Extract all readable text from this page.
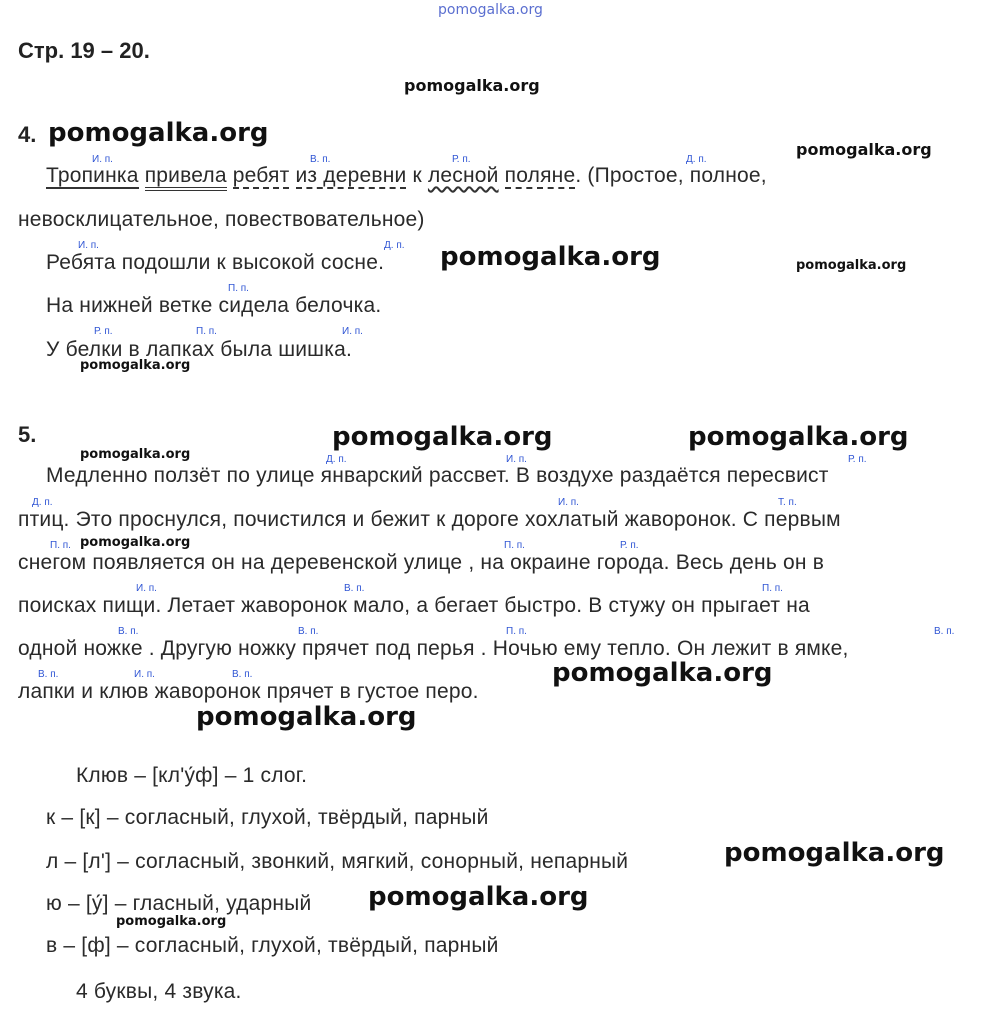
pomogalka.org
pomogalka.org
pomogalka.org
pomogalka.org
pomogalka.org	pomogalka.org
pomogalka.org
pomogalka.org
pomogalka.org	pomogalka.org
pomogalka.org
pomogalka.org
pomogalka.org
pomogalka.org
pomogalka.org
pomogalka.org
Стр. 19 – 20.
4.
И. п.	В. п.	Р. п.	Д. п.
Тропинка привела ребят из деревни к лесной поляне. (Простое, полное,
невосклицательное, повествовательное)
И. п.	Д. п.
Ребята подошли к высокой сосне.
П. п.
На нижней ветке сидела белочка.
Р. п.	П. п.	И. п.
У белки в лапках была шишка.
5.
Д. п.	И. п.	Р. п.
Медленно ползёт по улице январский рассвет. В воздухе раздаётся пересвист
Д. п.	И. п.	Т. п.
птиц. Это проснулся, почистился и бежит к дороге хохлатый жаворонок. С первым
П. п.	П. п.	Р. п.
снегом появляется он на деревенской улице , на окраине города. Весь день он в
И. п.	В. п.	П. п.
поисках пищи. Летает жаворонок мало, а бегает быстро. В стужу он прыгает на
В. п.	В. п.	П. п.	В. п.
одной ножке . Другую ножку прячет под перья . Ночью ему тепло. Он лежит в ямке,
В. п.	И. п.	В. п.
лапки и клюв жаворонок прячет в густое перо.
Клюв – [кл'у́ф] – 1 слог.
к – [к] – согласный, глухой, твёрдый, парный
л – [л'] – согласный, звонкий, мягкий, сонорный, непарный
ю – [у́] – гласный, ударный
в – [ф] – согласный, глухой, твёрдый, парный
4 буквы, 4 звука.
